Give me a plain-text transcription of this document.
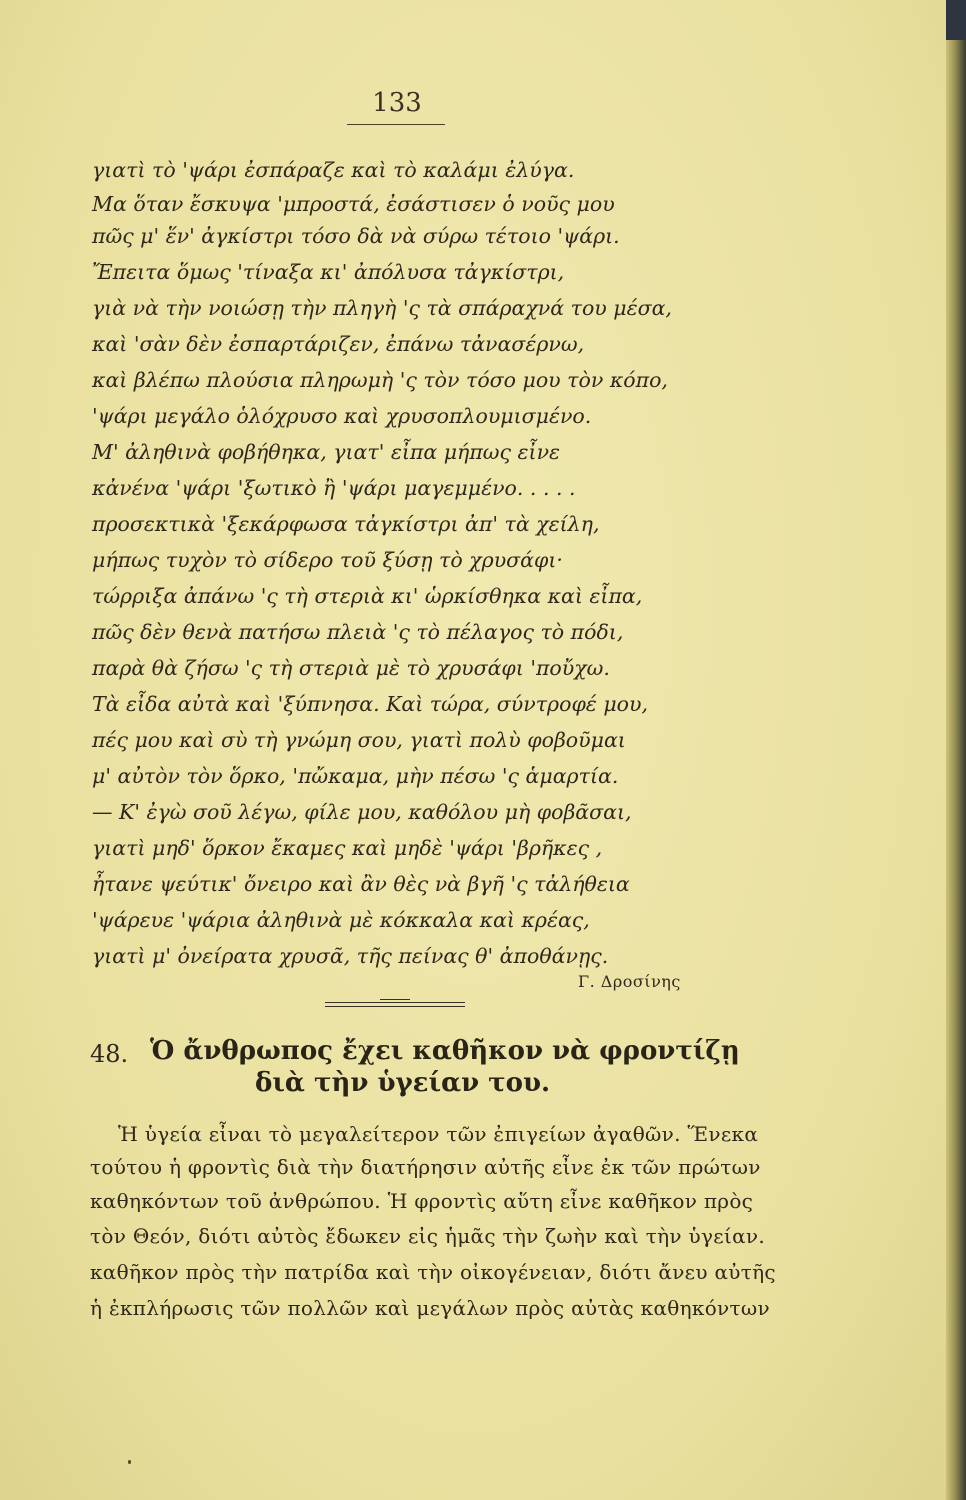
133
γιατὶ τὸ 'ψάρι ἐσπάραζε καὶ τὸ καλάμι ἐλύγα.
Μα ὅταν ἔσκυψα 'μπροστά, ἐσάστισεν ὁ νοῦς μου
πῶς μ' ἕν' ἀγκίστρι τόσο δὰ νὰ σύρω τέτοιο 'ψάρι.
Ἔπειτα ὅμως 'τίναξα κι' ἀπόλυσα τἀγκίστρι,
γιὰ νὰ τὴν νοιώσῃ τὴν πληγὴ 'ς τὰ σπάραχνά του μέσα,
καὶ 'σὰν δὲν ἐσπαρτάριζεν, ἐπάνω τἀνασέρνω,
καὶ βλέπω πλούσια πληρωμὴ 'ς τὸν τόσο μου τὸν κόπο,
'ψάρι μεγάλο ὁλόχρυσο καὶ χρυσοπλουμισμένο.
Μ' ἀληθινὰ φοβήθηκα, γιατ' εἶπα μήπως εἶνε
κἀνένα 'ψάρι 'ξωτικὸ ἢ 'ψάρι μαγεμμένο. . . . .
προσεκτικὰ 'ξεκάρφωσα τἀγκίστρι ἀπ' τὰ χείλη,
μήπως τυχὸν τὸ σίδερο τοῦ ξύσῃ τὸ χρυσάφι·
τώρριξα ἀπάνω 'ς τὴ στεριὰ κι' ὡρκίσθηκα καὶ εἶπα,
πῶς δὲν θενὰ πατήσω πλειὰ 'ς τὸ πέλαγος τὸ πόδι,
παρὰ θὰ ζήσω 'ς τὴ στεριὰ μὲ τὸ χρυσάφι 'ποὔχω.
Τὰ εἶδα αὐτὰ καὶ 'ξύπνησα. Καὶ τώρα, σύντροφέ μου,
πές μου καὶ σὺ τὴ γνώμη σου, γιατὶ πολὺ φοβοῦμαι
μ' αὐτὸν τὸν ὅρκο, 'πὤκαμα, μὴν πέσω 'ς ἁμαρτία.
— Κ' ἐγὼ σοῦ λέγω, φίλε μου, καθόλου μὴ φοβᾶσαι,
γιατὶ μηδ' ὅρκον ἔκαμες καὶ μηδὲ 'ψάρι 'βρῆκες ,
ἦτανε ψεύτικ' ὄνειρο καὶ ἂν θὲς νὰ βγῆ 'ς τἀλήθεια
'ψάρευε 'ψάρια ἀληθινὰ μὲ κόκκαλα καὶ κρέας,
γιατὶ μ' ὀνείρατα χρυσᾶ, τῆς πείνας θ' ἀποθάνῃς.
Γ. Δροσίνης
48. Ὁ ἄνθρωπος ἔχει καθῆκον νὰ φροντίζῃ
διὰ τὴν ὑγείαν του.
Ἡ ὑγεία εἶναι τὸ μεγαλείτερον τῶν ἐπιγείων ἀγαθῶν. Ἕνεκα
τούτου ἡ φροντὶς διὰ τὴν διατήρησιν αὐτῆς εἶνε ἐκ τῶν πρώτων
καθηκόντων τοῦ ἀνθρώπου. Ἡ φροντὶς αὕτη εἶνε καθῆκον πρὸς
τὸν Θεόν, διότι αὐτὸς ἔδωκεν εἰς ἡμᾶς τὴν ζωὴν καὶ τὴν ὑγείαν.
καθῆκον πρὸς τὴν πατρίδα καὶ τὴν οἰκογένειαν, διότι ἄνευ αὐτῆς
ἡ ἐκπλήρωσις τῶν πολλῶν καὶ μεγάλων πρὸς αὐτὰς καθηκόντων
